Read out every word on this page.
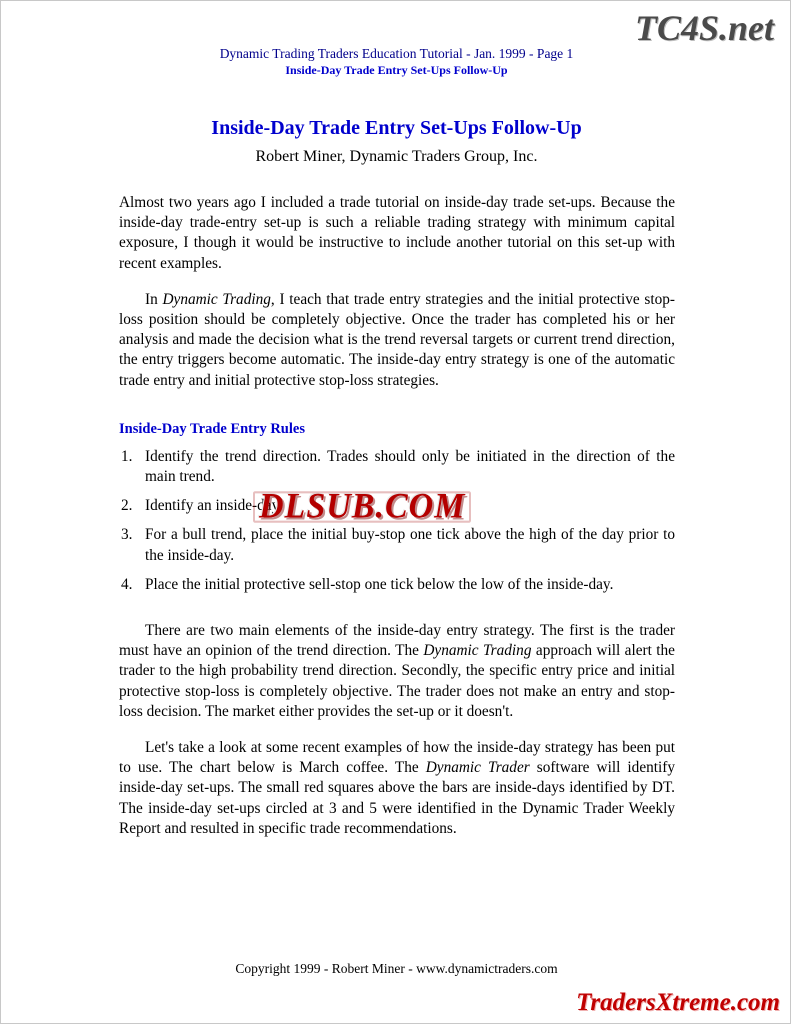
TC4S.net
Dynamic Trading Traders Education Tutorial - Jan. 1999 - Page 1
Inside-Day Trade Entry Set-Ups Follow-Up
Inside-Day Trade Entry Set-Ups Follow-Up
Robert Miner, Dynamic Traders Group, Inc.

Almost two years ago I included a trade tutorial on inside-day trade set-ups. Because the inside-day trade-entry set-up is such a reliable trading strategy with minimum capital exposure, I though it would be instructive to include another tutorial on this set-up with recent examples.

In Dynamic Trading, I teach that trade entry strategies and the initial protective stop-loss position should be completely objective. Once the trader has completed his or her analysis and made the decision what is the trend reversal targets or current trend direction, the entry triggers become automatic. The inside-day entry strategy is one of the automatic trade entry and initial protective stop-loss strategies.

Inside-Day Trade Entry Rules
1. Identify the trend direction. Trades should only be initiated in the direction of the main trend.
2. Identify an inside-day.
3. For a bull trend, place the initial buy-stop one tick above the high of the day prior to the inside-day.
4. Place the initial protective sell-stop one tick below the low of the inside-day.

There are two main elements of the inside-day entry strategy. The first is the trader must have an opinion of the trend direction. The Dynamic Trading approach will alert the trader to the high probability trend direction. Secondly, the specific entry price and initial protective stop-loss is completely objective. The trader does not make an entry and stop-loss decision. The market either provides the set-up or it doesn't.

Let's take a look at some recent examples of how the inside-day strategy has been put to use. The chart below is March coffee. The Dynamic Trader software will identify inside-day set-ups. The small red squares above the bars are inside-days identified by DT. The inside-day set-ups circled at 3 and 5 were identified in the Dynamic Trader Weekly Report and resulted in specific trade recommendations.

DLSUB.COM
Copyright 1999 - Robert Miner - www.dynamictraders.com
TradersXtreme.com
